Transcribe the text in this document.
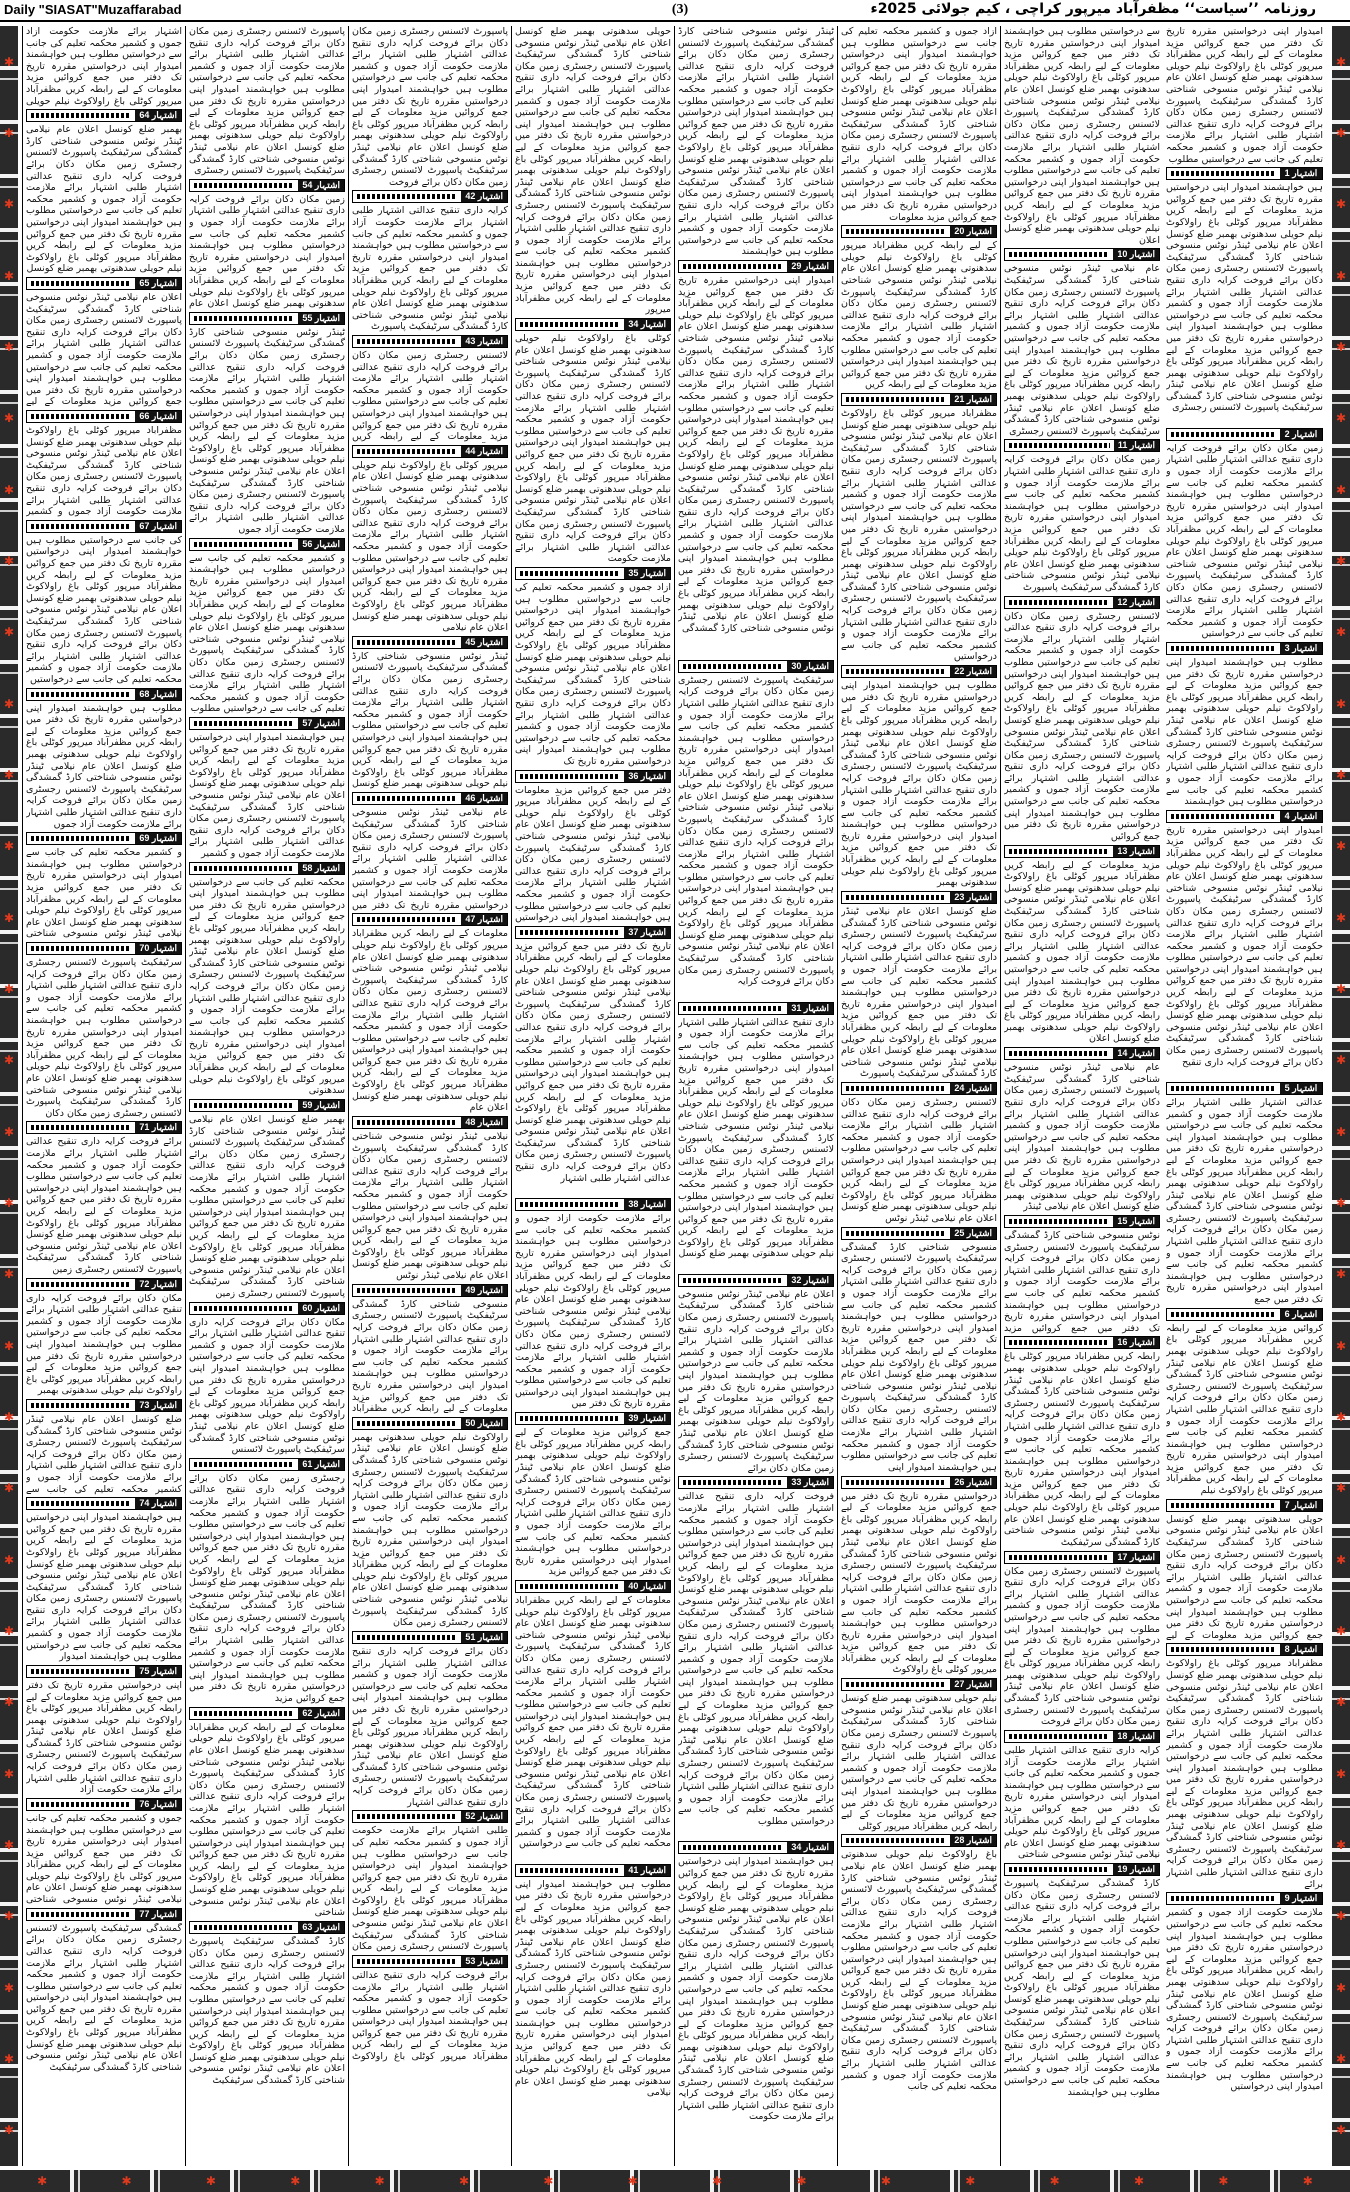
Daily "SIASAT"Muzaffarabad	(3)	روزنامہ ’’سیاست‘‘ مظفرآباد میرپور کراچی ، کیم جولائی 2025ء
✱
✱
✱
✱
✱
✱
✱
✱
✱
✱
✱
✱
✱
✱
✱
✱
✱
✱
✱
✱
✱
✱
✱
✱
✱
✱
✱
✱
✱
✱
✱
✱
✱
✱
✱
✱
✱
✱
✱
✱
✱
✱
✱
✱
✱
✱
✱
✱
✱
✱
✱
✱
✱
✱
✱
✱
✱
✱
✱
✱
اشتہار برائے ملازمت حکومت آزاد جموں و کشمیر محکمہ تعلیم کی جانب سے درخواستیں مطلوب ہیں خواہشمند امیدوار اپنی درخواستیں مقررہ تاریخ تک دفتر میں جمع کروائیں مزید معلومات کے لیے رابطہ کریں مظفرآباد میرپور کوٹلی باغ راولاکوٹ نیلم حویلی
اشتہار 64
بھمبر ضلع کونسل اعلان عام نیلامی ٹینڈر نوٹس منسوخی شناختی کارڈ گمشدگی سرٹیفکیٹ پاسپورٹ لائسنس رجسٹری زمین مکان دکان برائے فروخت کرایہ داری تنقیح عدالتی اشتہار طلبی اشتہار برائے ملازمت حکومت آزاد جموں و کشمیر محکمہ تعلیم کی جانب سے درخواستیں مطلوب ہیں خواہشمند امیدوار اپنی درخواستیں مقررہ تاریخ تک دفتر میں جمع کروائیں مزید معلومات کے لیے رابطہ کریں مظفرآباد میرپور کوٹلی باغ راولاکوٹ نیلم حویلی سدھنوتی بھمبر ضلع کونسل
اشتہار 65
اعلان عام نیلامی ٹینڈر نوٹس منسوخی شناختی کارڈ گمشدگی سرٹیفکیٹ پاسپورٹ لائسنس رجسٹری زمین مکان دکان برائے فروخت کرایہ داری تنقیح عدالتی اشتہار طلبی اشتہار برائے ملازمت حکومت آزاد جموں و کشمیر محکمہ تعلیم کی جانب سے درخواستیں مطلوب ہیں خواہشمند امیدوار اپنی درخواستیں مقررہ تاریخ تک دفتر میں جمع کروائیں مزید معلومات کے لیے
اشتہار 66
مظفرآباد میرپور کوٹلی باغ راولاکوٹ نیلم حویلی سدھنوتی بھمبر ضلع کونسل اعلان عام نیلامی ٹینڈر نوٹس منسوخی شناختی کارڈ گمشدگی سرٹیفکیٹ پاسپورٹ لائسنس رجسٹری زمین مکان دکان برائے فروخت کرایہ داری تنقیح عدالتی اشتہار طلبی اشتہار برائے ملازمت حکومت آزاد جموں و کشمیر
اشتہار 67
کی جانب سے درخواستیں مطلوب ہیں خواہشمند امیدوار اپنی درخواستیں مقررہ تاریخ تک دفتر میں جمع کروائیں مزید معلومات کے لیے رابطہ کریں مظفرآباد میرپور کوٹلی باغ راولاکوٹ نیلم حویلی سدھنوتی بھمبر ضلع کونسل اعلان عام نیلامی ٹینڈر نوٹس منسوخی شناختی کارڈ گمشدگی سرٹیفکیٹ پاسپورٹ لائسنس رجسٹری زمین مکان دکان برائے فروخت کرایہ داری تنقیح عدالتی اشتہار طلبی اشتہار برائے ملازمت حکومت آزاد جموں و کشمیر محکمہ تعلیم کی جانب سے درخواستیں
اشتہار 68
مطلوب ہیں خواہشمند امیدوار اپنی درخواستیں مقررہ تاریخ تک دفتر میں جمع کروائیں مزید معلومات کے لیے رابطہ کریں مظفرآباد میرپور کوٹلی باغ راولاکوٹ نیلم حویلی سدھنوتی بھمبر ضلع کونسل اعلان عام نیلامی ٹینڈر نوٹس منسوخی شناختی کارڈ گمشدگی سرٹیفکیٹ پاسپورٹ لائسنس رجسٹری زمین مکان دکان برائے فروخت کرایہ داری تنقیح عدالتی اشتہار طلبی اشتہار برائے ملازمت حکومت آزاد جموں
اشتہار 69
و کشمیر محکمہ تعلیم کی جانب سے درخواستیں مطلوب ہیں خواہشمند امیدوار اپنی درخواستیں مقررہ تاریخ تک دفتر میں جمع کروائیں مزید معلومات کے لیے رابطہ کریں مظفرآباد میرپور کوٹلی باغ راولاکوٹ نیلم حویلی سدھنوتی بھمبر ضلع کونسل اعلان عام نیلامی ٹینڈر نوٹس منسوخی شناختی
اشتہار 70
سرٹیفکیٹ پاسپورٹ لائسنس رجسٹری زمین مکان دکان برائے فروخت کرایہ داری تنقیح عدالتی اشتہار طلبی اشتہار برائے ملازمت حکومت آزاد جموں و کشمیر محکمہ تعلیم کی جانب سے درخواستیں مطلوب ہیں خواہشمند امیدوار اپنی درخواستیں مقررہ تاریخ تک دفتر میں جمع کروائیں مزید معلومات کے لیے رابطہ کریں مظفرآباد میرپور کوٹلی باغ راولاکوٹ نیلم حویلی سدھنوتی بھمبر ضلع کونسل اعلان عام نیلامی ٹینڈر نوٹس منسوخی شناختی کارڈ گمشدگی سرٹیفکیٹ پاسپورٹ لائسنس رجسٹری زمین مکان دکان
اشتہار 71
برائے فروخت کرایہ داری تنقیح عدالتی اشتہار طلبی اشتہار برائے ملازمت حکومت آزاد جموں و کشمیر محکمہ تعلیم کی جانب سے درخواستیں مطلوب ہیں خواہشمند امیدوار اپنی درخواستیں مقررہ تاریخ تک دفتر میں جمع کروائیں مزید معلومات کے لیے رابطہ کریں مظفرآباد میرپور کوٹلی باغ راولاکوٹ نیلم حویلی سدھنوتی بھمبر ضلع کونسل اعلان عام نیلامی ٹینڈر نوٹس منسوخی شناختی کارڈ گمشدگی سرٹیفکیٹ پاسپورٹ لائسنس رجسٹری زمین
اشتہار 72
مکان دکان برائے فروخت کرایہ داری تنقیح عدالتی اشتہار طلبی اشتہار برائے ملازمت حکومت آزاد جموں و کشمیر محکمہ تعلیم کی جانب سے درخواستیں مطلوب ہیں خواہشمند امیدوار اپنی درخواستیں مقررہ تاریخ تک دفتر میں جمع کروائیں مزید معلومات کے لیے رابطہ کریں مظفرآباد میرپور کوٹلی باغ راولاکوٹ نیلم حویلی سدھنوتی بھمبر
اشتہار 73
ضلع کونسل اعلان عام نیلامی ٹینڈر نوٹس منسوخی شناختی کارڈ گمشدگی سرٹیفکیٹ پاسپورٹ لائسنس رجسٹری زمین مکان دکان برائے فروخت کرایہ داری تنقیح عدالتی اشتہار طلبی اشتہار برائے ملازمت حکومت آزاد جموں و کشمیر محکمہ تعلیم کی جانب سے
اشتہار 74
ہیں خواہشمند امیدوار اپنی درخواستیں مقررہ تاریخ تک دفتر میں جمع کروائیں مزید معلومات کے لیے رابطہ کریں مظفرآباد میرپور کوٹلی باغ راولاکوٹ نیلم حویلی سدھنوتی بھمبر ضلع کونسل اعلان عام نیلامی ٹینڈر نوٹس منسوخی شناختی کارڈ گمشدگی سرٹیفکیٹ پاسپورٹ لائسنس رجسٹری زمین مکان دکان برائے فروخت کرایہ داری تنقیح عدالتی اشتہار طلبی اشتہار برائے ملازمت حکومت آزاد جموں و کشمیر محکمہ تعلیم کی جانب سے درخواستیں مطلوب ہیں خواہشمند امیدوار
اشتہار 75
اپنی درخواستیں مقررہ تاریخ تک دفتر میں جمع کروائیں مزید معلومات کے لیے رابطہ کریں مظفرآباد میرپور کوٹلی باغ راولاکوٹ نیلم حویلی سدھنوتی بھمبر ضلع کونسل اعلان عام نیلامی ٹینڈر نوٹس منسوخی شناختی کارڈ گمشدگی سرٹیفکیٹ پاسپورٹ لائسنس رجسٹری زمین مکان دکان برائے فروخت کرایہ داری تنقیح عدالتی اشتہار طلبی اشتہار برائے ملازمت حکومت آزاد
اشتہار 76
جموں و کشمیر محکمہ تعلیم کی جانب سے درخواستیں مطلوب ہیں خواہشمند امیدوار اپنی درخواستیں مقررہ تاریخ تک دفتر میں جمع کروائیں مزید معلومات کے لیے رابطہ کریں مظفرآباد میرپور کوٹلی باغ راولاکوٹ نیلم حویلی سدھنوتی بھمبر ضلع کونسل اعلان عام نیلامی ٹینڈر نوٹس منسوخی شناختی
اشتہار 77
گمشدگی سرٹیفکیٹ پاسپورٹ لائسنس رجسٹری زمین مکان دکان برائے فروخت کرایہ داری تنقیح عدالتی اشتہار طلبی اشتہار برائے ملازمت حکومت آزاد جموں و کشمیر محکمہ تعلیم کی جانب سے درخواستیں مطلوب ہیں خواہشمند امیدوار اپنی درخواستیں مقررہ تاریخ تک دفتر میں جمع کروائیں مزید معلومات کے لیے رابطہ کریں مظفرآباد میرپور کوٹلی باغ راولاکوٹ نیلم حویلی سدھنوتی بھمبر ضلع کونسل اعلان عام نیلامی ٹینڈر نوٹس منسوخی شناختی کارڈ گمشدگی سرٹیفکیٹ
پاسپورٹ لائسنس رجسٹری زمین مکان دکان برائے فروخت کرایہ داری تنقیح عدالتی اشتہار طلبی اشتہار برائے ملازمت حکومت آزاد جموں و کشمیر محکمہ تعلیم کی جانب سے درخواستیں مطلوب ہیں خواہشمند امیدوار اپنی درخواستیں مقررہ تاریخ تک دفتر میں جمع کروائیں مزید معلومات کے لیے رابطہ کریں مظفرآباد میرپور کوٹلی باغ راولاکوٹ نیلم حویلی سدھنوتی بھمبر ضلع کونسل اعلان عام نیلامی ٹینڈر نوٹس منسوخی شناختی کارڈ گمشدگی سرٹیفکیٹ پاسپورٹ لائسنس رجسٹری
اشتہار 54
زمین مکان دکان برائے فروخت کرایہ داری تنقیح عدالتی اشتہار طلبی اشتہار برائے ملازمت حکومت آزاد جموں و کشمیر محکمہ تعلیم کی جانب سے درخواستیں مطلوب ہیں خواہشمند امیدوار اپنی درخواستیں مقررہ تاریخ تک دفتر میں جمع کروائیں مزید معلومات کے لیے رابطہ کریں مظفرآباد میرپور کوٹلی باغ راولاکوٹ نیلم حویلی سدھنوتی بھمبر ضلع کونسل اعلان عام
اشتہار 55
ٹینڈر نوٹس منسوخی شناختی کارڈ گمشدگی سرٹیفکیٹ پاسپورٹ لائسنس رجسٹری زمین مکان دکان برائے فروخت کرایہ داری تنقیح عدالتی اشتہار طلبی اشتہار برائے ملازمت حکومت آزاد جموں و کشمیر محکمہ تعلیم کی جانب سے درخواستیں مطلوب ہیں خواہشمند امیدوار اپنی درخواستیں مقررہ تاریخ تک دفتر میں جمع کروائیں مزید معلومات کے لیے رابطہ کریں مظفرآباد میرپور کوٹلی باغ راولاکوٹ نیلم حویلی سدھنوتی بھمبر ضلع کونسل اعلان عام نیلامی ٹینڈر نوٹس منسوخی شناختی کارڈ گمشدگی سرٹیفکیٹ پاسپورٹ لائسنس رجسٹری زمین مکان دکان برائے فروخت کرایہ داری تنقیح عدالتی اشتہار طلبی اشتہار برائے ملازمت حکومت آزاد جموں
اشتہار 56
و کشمیر محکمہ تعلیم کی جانب سے درخواستیں مطلوب ہیں خواہشمند امیدوار اپنی درخواستیں مقررہ تاریخ تک دفتر میں جمع کروائیں مزید معلومات کے لیے رابطہ کریں مظفرآباد میرپور کوٹلی باغ راولاکوٹ نیلم حویلی سدھنوتی بھمبر ضلع کونسل اعلان عام نیلامی ٹینڈر نوٹس منسوخی شناختی کارڈ گمشدگی سرٹیفکیٹ پاسپورٹ لائسنس رجسٹری زمین مکان دکان برائے فروخت کرایہ داری تنقیح عدالتی اشتہار طلبی اشتہار برائے ملازمت حکومت آزاد جموں و کشمیر محکمہ تعلیم کی جانب سے درخواستیں مطلوب
اشتہار 57
ہیں خواہشمند امیدوار اپنی درخواستیں مقررہ تاریخ تک دفتر میں جمع کروائیں مزید معلومات کے لیے رابطہ کریں مظفرآباد میرپور کوٹلی باغ راولاکوٹ نیلم حویلی سدھنوتی بھمبر ضلع کونسل اعلان عام نیلامی ٹینڈر نوٹس منسوخی شناختی کارڈ گمشدگی سرٹیفکیٹ پاسپورٹ لائسنس رجسٹری زمین مکان دکان برائے فروخت کرایہ داری تنقیح عدالتی اشتہار طلبی اشتہار برائے ملازمت حکومت آزاد جموں و کشمیر
اشتہار 58
محکمہ تعلیم کی جانب سے درخواستیں مطلوب ہیں خواہشمند امیدوار اپنی درخواستیں مقررہ تاریخ تک دفتر میں جمع کروائیں مزید معلومات کے لیے رابطہ کریں مظفرآباد میرپور کوٹلی باغ راولاکوٹ نیلم حویلی سدھنوتی بھمبر ضلع کونسل اعلان عام نیلامی ٹینڈر نوٹس منسوخی شناختی کارڈ گمشدگی سرٹیفکیٹ پاسپورٹ لائسنس رجسٹری زمین مکان دکان برائے فروخت کرایہ داری تنقیح عدالتی اشتہار طلبی اشتہار برائے ملازمت حکومت آزاد جموں و کشمیر محکمہ تعلیم کی جانب سے درخواستیں مطلوب ہیں خواہشمند امیدوار اپنی درخواستیں مقررہ تاریخ تک دفتر میں جمع کروائیں مزید معلومات کے لیے رابطہ کریں مظفرآباد میرپور کوٹلی باغ راولاکوٹ نیلم حویلی سدھنوتی
اشتہار 59
بھمبر ضلع کونسل اعلان عام نیلامی ٹینڈر نوٹس منسوخی شناختی کارڈ گمشدگی سرٹیفکیٹ پاسپورٹ لائسنس رجسٹری زمین مکان دکان برائے فروخت کرایہ داری تنقیح عدالتی اشتہار طلبی اشتہار برائے ملازمت حکومت آزاد جموں و کشمیر محکمہ تعلیم کی جانب سے درخواستیں مطلوب ہیں خواہشمند امیدوار اپنی درخواستیں مقررہ تاریخ تک دفتر میں جمع کروائیں مزید معلومات کے لیے رابطہ کریں مظفرآباد میرپور کوٹلی باغ راولاکوٹ نیلم حویلی سدھنوتی بھمبر ضلع کونسل اعلان عام نیلامی ٹینڈر نوٹس منسوخی شناختی کارڈ گمشدگی سرٹیفکیٹ پاسپورٹ لائسنس رجسٹری زمین
اشتہار 60
مکان دکان برائے فروخت کرایہ داری تنقیح عدالتی اشتہار طلبی اشتہار برائے ملازمت حکومت آزاد جموں و کشمیر محکمہ تعلیم کی جانب سے درخواستیں مطلوب ہیں خواہشمند امیدوار اپنی درخواستیں مقررہ تاریخ تک دفتر میں جمع کروائیں مزید معلومات کے لیے رابطہ کریں مظفرآباد میرپور کوٹلی باغ راولاکوٹ نیلم حویلی سدھنوتی بھمبر ضلع کونسل اعلان عام نیلامی ٹینڈر نوٹس منسوخی شناختی کارڈ گمشدگی سرٹیفکیٹ پاسپورٹ لائسنس
اشتہار 61
رجسٹری زمین مکان دکان برائے فروخت کرایہ داری تنقیح عدالتی اشتہار طلبی اشتہار برائے ملازمت حکومت آزاد جموں و کشمیر محکمہ تعلیم کی جانب سے درخواستیں مطلوب ہیں خواہشمند امیدوار اپنی درخواستیں مقررہ تاریخ تک دفتر میں جمع کروائیں مزید معلومات کے لیے رابطہ کریں مظفرآباد میرپور کوٹلی باغ راولاکوٹ نیلم حویلی سدھنوتی بھمبر ضلع کونسل اعلان عام نیلامی ٹینڈر نوٹس منسوخی شناختی کارڈ گمشدگی سرٹیفکیٹ پاسپورٹ لائسنس رجسٹری زمین مکان دکان برائے فروخت کرایہ داری تنقیح عدالتی اشتہار طلبی اشتہار برائے ملازمت حکومت آزاد جموں و کشمیر محکمہ تعلیم کی جانب سے درخواستیں مطلوب ہیں خواہشمند امیدوار اپنی درخواستیں مقررہ تاریخ تک دفتر میں جمع کروائیں مزید
اشتہار 62
معلومات کے لیے رابطہ کریں مظفرآباد میرپور کوٹلی باغ راولاکوٹ نیلم حویلی سدھنوتی بھمبر ضلع کونسل اعلان عام نیلامی ٹینڈر نوٹس منسوخی شناختی کارڈ گمشدگی سرٹیفکیٹ پاسپورٹ لائسنس رجسٹری زمین مکان دکان برائے فروخت کرایہ داری تنقیح عدالتی اشتہار طلبی اشتہار برائے ملازمت حکومت آزاد جموں و کشمیر محکمہ تعلیم کی جانب سے درخواستیں مطلوب ہیں خواہشمند امیدوار اپنی درخواستیں مقررہ تاریخ تک دفتر میں جمع کروائیں مزید معلومات کے لیے رابطہ کریں مظفرآباد میرپور کوٹلی باغ راولاکوٹ نیلم حویلی سدھنوتی بھمبر ضلع کونسل اعلان عام نیلامی ٹینڈر نوٹس منسوخی شناختی
اشتہار 63
کارڈ گمشدگی سرٹیفکیٹ پاسپورٹ لائسنس رجسٹری زمین مکان دکان برائے فروخت کرایہ داری تنقیح عدالتی اشتہار طلبی اشتہار برائے ملازمت حکومت آزاد جموں و کشمیر محکمہ تعلیم کی جانب سے درخواستیں مطلوب ہیں خواہشمند امیدوار اپنی درخواستیں مقررہ تاریخ تک دفتر میں جمع کروائیں مزید معلومات کے لیے رابطہ کریں مظفرآباد میرپور کوٹلی باغ راولاکوٹ نیلم حویلی سدھنوتی بھمبر ضلع کونسل اعلان عام نیلامی ٹینڈر نوٹس منسوخی شناختی کارڈ گمشدگی سرٹیفکیٹ
پاسپورٹ لائسنس رجسٹری زمین مکان دکان برائے فروخت کرایہ داری تنقیح عدالتی اشتہار طلبی اشتہار برائے ملازمت حکومت آزاد جموں و کشمیر محکمہ تعلیم کی جانب سے درخواستیں مطلوب ہیں خواہشمند امیدوار اپنی درخواستیں مقررہ تاریخ تک دفتر میں جمع کروائیں مزید معلومات کے لیے رابطہ کریں مظفرآباد میرپور کوٹلی باغ راولاکوٹ نیلم حویلی سدھنوتی بھمبر ضلع کونسل اعلان عام نیلامی ٹینڈر نوٹس منسوخی شناختی کارڈ گمشدگی سرٹیفکیٹ پاسپورٹ لائسنس رجسٹری زمین مکان دکان برائے فروخت
اشتہار 42
کرایہ داری تنقیح عدالتی اشتہار طلبی اشتہار برائے ملازمت حکومت آزاد جموں و کشمیر محکمہ تعلیم کی جانب سے درخواستیں مطلوب ہیں خواہشمند امیدوار اپنی درخواستیں مقررہ تاریخ تک دفتر میں جمع کروائیں مزید معلومات کے لیے رابطہ کریں مظفرآباد میرپور کوٹلی باغ راولاکوٹ نیلم حویلی سدھنوتی بھمبر ضلع کونسل اعلان عام نیلامی ٹینڈر نوٹس منسوخی شناختی کارڈ گمشدگی سرٹیفکیٹ پاسپورٹ
اشتہار 43
لائسنس رجسٹری زمین مکان دکان برائے فروخت کرایہ داری تنقیح عدالتی اشتہار طلبی اشتہار برائے ملازمت حکومت آزاد جموں و کشمیر محکمہ تعلیم کی جانب سے درخواستیں مطلوب ہیں خواہشمند امیدوار اپنی درخواستیں مقررہ تاریخ تک دفتر میں جمع کروائیں مزید معلومات کے لیے رابطہ کریں
اشتہار 44
میرپور کوٹلی باغ راولاکوٹ نیلم حویلی سدھنوتی بھمبر ضلع کونسل اعلان عام نیلامی ٹینڈر نوٹس منسوخی شناختی کارڈ گمشدگی سرٹیفکیٹ پاسپورٹ لائسنس رجسٹری زمین مکان دکان برائے فروخت کرایہ داری تنقیح عدالتی اشتہار طلبی اشتہار برائے ملازمت حکومت آزاد جموں و کشمیر محکمہ تعلیم کی جانب سے درخواستیں مطلوب ہیں خواہشمند امیدوار اپنی درخواستیں مقررہ تاریخ تک دفتر میں جمع کروائیں مزید معلومات کے لیے رابطہ کریں مظفرآباد میرپور کوٹلی باغ راولاکوٹ نیلم حویلی سدھنوتی بھمبر ضلع کونسل اعلان عام نیلامی
اشتہار 45
ٹینڈر نوٹس منسوخی شناختی کارڈ گمشدگی سرٹیفکیٹ پاسپورٹ لائسنس رجسٹری زمین مکان دکان برائے فروخت کرایہ داری تنقیح عدالتی اشتہار طلبی اشتہار برائے ملازمت حکومت آزاد جموں و کشمیر محکمہ تعلیم کی جانب سے درخواستیں مطلوب ہیں خواہشمند امیدوار اپنی درخواستیں مقررہ تاریخ تک دفتر میں جمع کروائیں مزید معلومات کے لیے رابطہ کریں مظفرآباد میرپور کوٹلی باغ راولاکوٹ نیلم حویلی سدھنوتی بھمبر ضلع کونسل
اشتہار 46
عام نیلامی ٹینڈر نوٹس منسوخی شناختی کارڈ گمشدگی سرٹیفکیٹ پاسپورٹ لائسنس رجسٹری زمین مکان دکان برائے فروخت کرایہ داری تنقیح عدالتی اشتہار طلبی اشتہار برائے ملازمت حکومت آزاد جموں و کشمیر محکمہ تعلیم کی جانب سے درخواستیں مطلوب ہیں خواہشمند امیدوار اپنی درخواستیں مقررہ تاریخ تک دفتر میں
اشتہار 47
معلومات کے لیے رابطہ کریں مظفرآباد میرپور کوٹلی باغ راولاکوٹ نیلم حویلی سدھنوتی بھمبر ضلع کونسل اعلان عام نیلامی ٹینڈر نوٹس منسوخی شناختی کارڈ گمشدگی سرٹیفکیٹ پاسپورٹ لائسنس رجسٹری زمین مکان دکان برائے فروخت کرایہ داری تنقیح عدالتی اشتہار طلبی اشتہار برائے ملازمت حکومت آزاد جموں و کشمیر محکمہ تعلیم کی جانب سے درخواستیں مطلوب ہیں خواہشمند امیدوار اپنی درخواستیں مقررہ تاریخ تک دفتر میں جمع کروائیں مزید معلومات کے لیے رابطہ کریں مظفرآباد میرپور کوٹلی باغ راولاکوٹ نیلم حویلی سدھنوتی بھمبر ضلع کونسل اعلان عام
اشتہار 48
نیلامی ٹینڈر نوٹس منسوخی شناختی کارڈ گمشدگی سرٹیفکیٹ پاسپورٹ لائسنس رجسٹری زمین مکان دکان برائے فروخت کرایہ داری تنقیح عدالتی اشتہار طلبی اشتہار برائے ملازمت حکومت آزاد جموں و کشمیر محکمہ تعلیم کی جانب سے درخواستیں مطلوب ہیں خواہشمند امیدوار اپنی درخواستیں مقررہ تاریخ تک دفتر میں جمع کروائیں مزید معلومات کے لیے رابطہ کریں مظفرآباد میرپور کوٹلی باغ راولاکوٹ نیلم حویلی سدھنوتی بھمبر ضلع کونسل اعلان عام نیلامی ٹینڈر نوٹس
اشتہار 49
منسوخی شناختی کارڈ گمشدگی سرٹیفکیٹ پاسپورٹ لائسنس رجسٹری زمین مکان دکان برائے فروخت کرایہ داری تنقیح عدالتی اشتہار طلبی اشتہار برائے ملازمت حکومت آزاد جموں و کشمیر محکمہ تعلیم کی جانب سے درخواستیں مطلوب ہیں خواہشمند امیدوار اپنی درخواستیں مقررہ تاریخ تک دفتر میں جمع کروائیں مزید معلومات کے لیے رابطہ کریں مظفرآباد
اشتہار 50
راولاکوٹ نیلم حویلی سدھنوتی بھمبر ضلع کونسل اعلان عام نیلامی ٹینڈر نوٹس منسوخی شناختی کارڈ گمشدگی سرٹیفکیٹ پاسپورٹ لائسنس رجسٹری زمین مکان دکان برائے فروخت کرایہ داری تنقیح عدالتی اشتہار طلبی اشتہار برائے ملازمت حکومت آزاد جموں و کشمیر محکمہ تعلیم کی جانب سے درخواستیں مطلوب ہیں خواہشمند امیدوار اپنی درخواستیں مقررہ تاریخ تک دفتر میں جمع کروائیں مزید معلومات کے لیے رابطہ کریں مظفرآباد میرپور کوٹلی باغ راولاکوٹ نیلم حویلی سدھنوتی بھمبر ضلع کونسل اعلان عام نیلامی ٹینڈر نوٹس منسوخی شناختی کارڈ گمشدگی سرٹیفکیٹ پاسپورٹ لائسنس رجسٹری زمین مکان
اشتہار 51
دکان برائے فروخت کرایہ داری تنقیح عدالتی اشتہار طلبی اشتہار برائے ملازمت حکومت آزاد جموں و کشمیر محکمہ تعلیم کی جانب سے درخواستیں مطلوب ہیں خواہشمند امیدوار اپنی درخواستیں مقررہ تاریخ تک دفتر میں جمع کروائیں مزید معلومات کے لیے رابطہ کریں مظفرآباد میرپور کوٹلی باغ راولاکوٹ نیلم حویلی سدھنوتی بھمبر ضلع کونسل اعلان عام نیلامی ٹینڈر نوٹس منسوخی شناختی کارڈ گمشدگی سرٹیفکیٹ پاسپورٹ لائسنس رجسٹری زمین مکان دکان برائے فروخت کرایہ داری تنقیح عدالتی اشتہار
اشتہار 52
طلبی اشتہار برائے ملازمت حکومت آزاد جموں و کشمیر محکمہ تعلیم کی جانب سے درخواستیں مطلوب ہیں خواہشمند امیدوار اپنی درخواستیں مقررہ تاریخ تک دفتر میں جمع کروائیں مزید معلومات کے لیے رابطہ کریں مظفرآباد میرپور کوٹلی باغ راولاکوٹ نیلم حویلی سدھنوتی بھمبر ضلع کونسل اعلان عام نیلامی ٹینڈر نوٹس منسوخی شناختی کارڈ گمشدگی سرٹیفکیٹ پاسپورٹ لائسنس رجسٹری زمین مکان
اشتہار 53
برائے فروخت کرایہ داری تنقیح عدالتی اشتہار طلبی اشتہار برائے ملازمت حکومت آزاد جموں و کشمیر محکمہ تعلیم کی جانب سے درخواستیں مطلوب ہیں خواہشمند امیدوار اپنی درخواستیں مقررہ تاریخ تک دفتر میں جمع کروائیں مزید معلومات کے لیے رابطہ کریں مظفرآباد میرپور کوٹلی باغ راولاکوٹ
حویلی سدھنوتی بھمبر ضلع کونسل اعلان عام نیلامی ٹینڈر نوٹس منسوخی شناختی کارڈ گمشدگی سرٹیفکیٹ پاسپورٹ لائسنس رجسٹری زمین مکان دکان برائے فروخت کرایہ داری تنقیح عدالتی اشتہار طلبی اشتہار برائے ملازمت حکومت آزاد جموں و کشمیر محکمہ تعلیم کی جانب سے درخواستیں مطلوب ہیں خواہشمند امیدوار اپنی درخواستیں مقررہ تاریخ تک دفتر میں جمع کروائیں مزید معلومات کے لیے رابطہ کریں مظفرآباد میرپور کوٹلی باغ راولاکوٹ نیلم حویلی سدھنوتی بھمبر ضلع کونسل اعلان عام نیلامی ٹینڈر نوٹس منسوخی شناختی کارڈ گمشدگی سرٹیفکیٹ پاسپورٹ لائسنس رجسٹری زمین مکان دکان برائے فروخت کرایہ داری تنقیح عدالتی اشتہار طلبی اشتہار برائے ملازمت حکومت آزاد جموں و کشمیر محکمہ تعلیم کی جانب سے درخواستیں مطلوب ہیں خواہشمند امیدوار اپنی درخواستیں مقررہ تاریخ تک دفتر میں جمع کروائیں مزید معلومات کے لیے رابطہ کریں مظفرآباد میرپور
اشتہار 34
کوٹلی باغ راولاکوٹ نیلم حویلی سدھنوتی بھمبر ضلع کونسل اعلان عام نیلامی ٹینڈر نوٹس منسوخی شناختی کارڈ گمشدگی سرٹیفکیٹ پاسپورٹ لائسنس رجسٹری زمین مکان دکان برائے فروخت کرایہ داری تنقیح عدالتی اشتہار طلبی اشتہار برائے ملازمت حکومت آزاد جموں و کشمیر محکمہ تعلیم کی جانب سے درخواستیں مطلوب ہیں خواہشمند امیدوار اپنی درخواستیں مقررہ تاریخ تک دفتر میں جمع کروائیں مزید معلومات کے لیے رابطہ کریں مظفرآباد میرپور کوٹلی باغ راولاکوٹ نیلم حویلی سدھنوتی بھمبر ضلع کونسل اعلان عام نیلامی ٹینڈر نوٹس منسوخی شناختی کارڈ گمشدگی سرٹیفکیٹ پاسپورٹ لائسنس رجسٹری زمین مکان دکان برائے فروخت کرایہ داری تنقیح عدالتی اشتہار طلبی اشتہار برائے ملازمت حکومت
اشتہار 35
آزاد جموں و کشمیر محکمہ تعلیم کی جانب سے درخواستیں مطلوب ہیں خواہشمند امیدوار اپنی درخواستیں مقررہ تاریخ تک دفتر میں جمع کروائیں مزید معلومات کے لیے رابطہ کریں مظفرآباد میرپور کوٹلی باغ راولاکوٹ نیلم حویلی سدھنوتی بھمبر ضلع کونسل اعلان عام نیلامی ٹینڈر نوٹس منسوخی شناختی کارڈ گمشدگی سرٹیفکیٹ پاسپورٹ لائسنس رجسٹری زمین مکان دکان برائے فروخت کرایہ داری تنقیح عدالتی اشتہار طلبی اشتہار برائے ملازمت حکومت آزاد جموں و کشمیر محکمہ تعلیم کی جانب سے درخواستیں مطلوب ہیں خواہشمند امیدوار اپنی درخواستیں مقررہ تاریخ تک
اشتہار 36
دفتر میں جمع کروائیں مزید معلومات کے لیے رابطہ کریں مظفرآباد میرپور کوٹلی باغ راولاکوٹ نیلم حویلی سدھنوتی بھمبر ضلع کونسل اعلان عام نیلامی ٹینڈر نوٹس منسوخی شناختی کارڈ گمشدگی سرٹیفکیٹ پاسپورٹ لائسنس رجسٹری زمین مکان دکان برائے فروخت کرایہ داری تنقیح عدالتی اشتہار طلبی اشتہار برائے ملازمت حکومت آزاد جموں و کشمیر محکمہ تعلیم کی جانب سے درخواستیں مطلوب ہیں خواہشمند امیدوار اپنی درخواستیں
اشتہار 37
تاریخ تک دفتر میں جمع کروائیں مزید معلومات کے لیے رابطہ کریں مظفرآباد میرپور کوٹلی باغ راولاکوٹ نیلم حویلی سدھنوتی بھمبر ضلع کونسل اعلان عام نیلامی ٹینڈر نوٹس منسوخی شناختی کارڈ گمشدگی سرٹیفکیٹ پاسپورٹ لائسنس رجسٹری زمین مکان دکان برائے فروخت کرایہ داری تنقیح عدالتی اشتہار طلبی اشتہار برائے ملازمت حکومت آزاد جموں و کشمیر محکمہ تعلیم کی جانب سے درخواستیں مطلوب ہیں خواہشمند امیدوار اپنی درخواستیں مقررہ تاریخ تک دفتر میں جمع کروائیں مزید معلومات کے لیے رابطہ کریں مظفرآباد میرپور کوٹلی باغ راولاکوٹ نیلم حویلی سدھنوتی بھمبر ضلع کونسل اعلان عام نیلامی ٹینڈر نوٹس منسوخی شناختی کارڈ گمشدگی سرٹیفکیٹ پاسپورٹ لائسنس رجسٹری زمین مکان دکان برائے فروخت کرایہ داری تنقیح عدالتی اشتہار طلبی اشتہار
اشتہار 38
برائے ملازمت حکومت آزاد جموں و کشمیر محکمہ تعلیم کی جانب سے درخواستیں مطلوب ہیں خواہشمند امیدوار اپنی درخواستیں مقررہ تاریخ تک دفتر میں جمع کروائیں مزید معلومات کے لیے رابطہ کریں مظفرآباد میرپور کوٹلی باغ راولاکوٹ نیلم حویلی سدھنوتی بھمبر ضلع کونسل اعلان عام نیلامی ٹینڈر نوٹس منسوخی شناختی کارڈ گمشدگی سرٹیفکیٹ پاسپورٹ لائسنس رجسٹری زمین مکان دکان برائے فروخت کرایہ داری تنقیح عدالتی اشتہار طلبی اشتہار برائے ملازمت حکومت آزاد جموں و کشمیر محکمہ تعلیم کی جانب سے درخواستیں مطلوب ہیں خواہشمند امیدوار اپنی درخواستیں مقررہ تاریخ تک دفتر میں
اشتہار 39
جمع کروائیں مزید معلومات کے لیے رابطہ کریں مظفرآباد میرپور کوٹلی باغ راولاکوٹ نیلم حویلی سدھنوتی بھمبر ضلع کونسل اعلان عام نیلامی ٹینڈر نوٹس منسوخی شناختی کارڈ گمشدگی سرٹیفکیٹ پاسپورٹ لائسنس رجسٹری زمین مکان دکان برائے فروخت کرایہ داری تنقیح عدالتی اشتہار طلبی اشتہار برائے ملازمت حکومت آزاد جموں و کشمیر محکمہ تعلیم کی جانب سے درخواستیں مطلوب ہیں خواہشمند امیدوار اپنی درخواستیں مقررہ تاریخ تک دفتر میں جمع کروائیں مزید
اشتہار 40
معلومات کے لیے رابطہ کریں مظفرآباد میرپور کوٹلی باغ راولاکوٹ نیلم حویلی سدھنوتی بھمبر ضلع کونسل اعلان عام نیلامی ٹینڈر نوٹس منسوخی شناختی کارڈ گمشدگی سرٹیفکیٹ پاسپورٹ لائسنس رجسٹری زمین مکان دکان برائے فروخت کرایہ داری تنقیح عدالتی اشتہار طلبی اشتہار برائے ملازمت حکومت آزاد جموں و کشمیر محکمہ تعلیم کی جانب سے درخواستیں مطلوب ہیں خواہشمند امیدوار اپنی درخواستیں مقررہ تاریخ تک دفتر میں جمع کروائیں مزید معلومات کے لیے رابطہ کریں مظفرآباد میرپور کوٹلی باغ راولاکوٹ نیلم حویلی سدھنوتی بھمبر ضلع کونسل اعلان عام نیلامی ٹینڈر نوٹس منسوخی شناختی کارڈ گمشدگی سرٹیفکیٹ پاسپورٹ لائسنس رجسٹری زمین مکان دکان برائے فروخت کرایہ داری تنقیح عدالتی اشتہار طلبی اشتہار برائے ملازمت حکومت آزاد جموں و کشمیر محکمہ تعلیم کی جانب سے درخواستیں
اشتہار 41
مطلوب ہیں خواہشمند امیدوار اپنی درخواستیں مقررہ تاریخ تک دفتر میں جمع کروائیں مزید معلومات کے لیے رابطہ کریں مظفرآباد میرپور کوٹلی باغ راولاکوٹ نیلم حویلی سدھنوتی بھمبر ضلع کونسل اعلان عام نیلامی ٹینڈر نوٹس منسوخی شناختی کارڈ گمشدگی سرٹیفکیٹ پاسپورٹ لائسنس رجسٹری زمین مکان دکان برائے فروخت کرایہ داری تنقیح عدالتی اشتہار طلبی اشتہار برائے ملازمت حکومت آزاد جموں و کشمیر محکمہ تعلیم کی جانب سے درخواستیں مطلوب ہیں خواہشمند امیدوار اپنی درخواستیں مقررہ تاریخ تک دفتر میں جمع کروائیں مزید معلومات کے لیے رابطہ کریں مظفرآباد میرپور کوٹلی باغ راولاکوٹ نیلم حویلی سدھنوتی بھمبر ضلع کونسل اعلان عام نیلامی
ٹینڈر نوٹس منسوخی شناختی کارڈ گمشدگی سرٹیفکیٹ پاسپورٹ لائسنس رجسٹری زمین مکان دکان برائے فروخت کرایہ داری تنقیح عدالتی اشتہار طلبی اشتہار برائے ملازمت حکومت آزاد جموں و کشمیر محکمہ تعلیم کی جانب سے درخواستیں مطلوب ہیں خواہشمند امیدوار اپنی درخواستیں مقررہ تاریخ تک دفتر میں جمع کروائیں مزید معلومات کے لیے رابطہ کریں مظفرآباد میرپور کوٹلی باغ راولاکوٹ نیلم حویلی سدھنوتی بھمبر ضلع کونسل اعلان عام نیلامی ٹینڈر نوٹس منسوخی شناختی کارڈ گمشدگی سرٹیفکیٹ پاسپورٹ لائسنس رجسٹری زمین مکان دکان برائے فروخت کرایہ داری تنقیح عدالتی اشتہار طلبی اشتہار برائے ملازمت حکومت آزاد جموں و کشمیر محکمہ تعلیم کی جانب سے درخواستیں مطلوب ہیں خواہشمند
اشتہار 29
امیدوار اپنی درخواستیں مقررہ تاریخ تک دفتر میں جمع کروائیں مزید معلومات کے لیے رابطہ کریں مظفرآباد میرپور کوٹلی باغ راولاکوٹ نیلم حویلی سدھنوتی بھمبر ضلع کونسل اعلان عام نیلامی ٹینڈر نوٹس منسوخی شناختی کارڈ گمشدگی سرٹیفکیٹ پاسپورٹ لائسنس رجسٹری زمین مکان دکان برائے فروخت کرایہ داری تنقیح عدالتی اشتہار طلبی اشتہار برائے ملازمت حکومت آزاد جموں و کشمیر محکمہ تعلیم کی جانب سے درخواستیں مطلوب ہیں خواہشمند امیدوار اپنی درخواستیں مقررہ تاریخ تک دفتر میں جمع کروائیں مزید معلومات کے لیے رابطہ کریں مظفرآباد میرپور کوٹلی باغ راولاکوٹ نیلم حویلی سدھنوتی بھمبر ضلع کونسل اعلان عام نیلامی ٹینڈر نوٹس منسوخی شناختی کارڈ گمشدگی سرٹیفکیٹ پاسپورٹ لائسنس رجسٹری زمین مکان دکان برائے فروخت کرایہ داری تنقیح عدالتی اشتہار طلبی اشتہار برائے ملازمت حکومت آزاد جموں و کشمیر محکمہ تعلیم کی جانب سے درخواستیں مطلوب ہیں خواہشمند امیدوار اپنی درخواستیں مقررہ تاریخ تک دفتر میں جمع کروائیں مزید معلومات کے لیے رابطہ کریں مظفرآباد میرپور کوٹلی باغ راولاکوٹ نیلم حویلی سدھنوتی بھمبر ضلع کونسل اعلان عام نیلامی ٹینڈر نوٹس منسوخی شناختی کارڈ گمشدگی
اشتہار 30
سرٹیفکیٹ پاسپورٹ لائسنس رجسٹری زمین مکان دکان برائے فروخت کرایہ داری تنقیح عدالتی اشتہار طلبی اشتہار برائے ملازمت حکومت آزاد جموں و کشمیر محکمہ تعلیم کی جانب سے درخواستیں مطلوب ہیں خواہشمند امیدوار اپنی درخواستیں مقررہ تاریخ تک دفتر میں جمع کروائیں مزید معلومات کے لیے رابطہ کریں مظفرآباد میرپور کوٹلی باغ راولاکوٹ نیلم حویلی سدھنوتی بھمبر ضلع کونسل اعلان عام نیلامی ٹینڈر نوٹس منسوخی شناختی کارڈ گمشدگی سرٹیفکیٹ پاسپورٹ لائسنس رجسٹری زمین مکان دکان برائے فروخت کرایہ داری تنقیح عدالتی اشتہار طلبی اشتہار برائے ملازمت حکومت آزاد جموں و کشمیر محکمہ تعلیم کی جانب سے درخواستیں مطلوب ہیں خواہشمند امیدوار اپنی درخواستیں مقررہ تاریخ تک دفتر میں جمع کروائیں مزید معلومات کے لیے رابطہ کریں مظفرآباد میرپور کوٹلی باغ راولاکوٹ نیلم حویلی سدھنوتی بھمبر ضلع کونسل اعلان عام نیلامی ٹینڈر نوٹس منسوخی شناختی کارڈ گمشدگی سرٹیفکیٹ پاسپورٹ لائسنس رجسٹری زمین مکان دکان برائے فروخت کرایہ
اشتہار 31
داری تنقیح عدالتی اشتہار طلبی اشتہار برائے ملازمت حکومت آزاد جموں و کشمیر محکمہ تعلیم کی جانب سے درخواستیں مطلوب ہیں خواہشمند امیدوار اپنی درخواستیں مقررہ تاریخ تک دفتر میں جمع کروائیں مزید معلومات کے لیے رابطہ کریں مظفرآباد میرپور کوٹلی باغ راولاکوٹ نیلم حویلی سدھنوتی بھمبر ضلع کونسل اعلان عام نیلامی ٹینڈر نوٹس منسوخی شناختی کارڈ گمشدگی سرٹیفکیٹ پاسپورٹ لائسنس رجسٹری زمین مکان دکان برائے فروخت کرایہ داری تنقیح عدالتی اشتہار طلبی اشتہار برائے ملازمت حکومت آزاد جموں و کشمیر محکمہ تعلیم کی جانب سے درخواستیں مطلوب ہیں خواہشمند امیدوار اپنی درخواستیں مقررہ تاریخ تک دفتر میں جمع کروائیں مزید معلومات کے لیے رابطہ کریں مظفرآباد میرپور کوٹلی باغ راولاکوٹ نیلم حویلی سدھنوتی بھمبر ضلع کونسل
اشتہار 32
اعلان عام نیلامی ٹینڈر نوٹس منسوخی شناختی کارڈ گمشدگی سرٹیفکیٹ پاسپورٹ لائسنس رجسٹری زمین مکان دکان برائے فروخت کرایہ داری تنقیح عدالتی اشتہار طلبی اشتہار برائے ملازمت حکومت آزاد جموں و کشمیر محکمہ تعلیم کی جانب سے درخواستیں مطلوب ہیں خواہشمند امیدوار اپنی درخواستیں مقررہ تاریخ تک دفتر میں جمع کروائیں مزید معلومات کے لیے رابطہ کریں مظفرآباد میرپور کوٹلی باغ راولاکوٹ نیلم حویلی سدھنوتی بھمبر ضلع کونسل اعلان عام نیلامی ٹینڈر نوٹس منسوخی شناختی کارڈ گمشدگی سرٹیفکیٹ پاسپورٹ لائسنس رجسٹری زمین مکان دکان برائے
اشتہار 33
فروخت کرایہ داری تنقیح عدالتی اشتہار طلبی اشتہار برائے ملازمت حکومت آزاد جموں و کشمیر محکمہ تعلیم کی جانب سے درخواستیں مطلوب ہیں خواہشمند امیدوار اپنی درخواستیں مقررہ تاریخ تک دفتر میں جمع کروائیں مزید معلومات کے لیے رابطہ کریں مظفرآباد میرپور کوٹلی باغ راولاکوٹ نیلم حویلی سدھنوتی بھمبر ضلع کونسل اعلان عام نیلامی ٹینڈر نوٹس منسوخی شناختی کارڈ گمشدگی سرٹیفکیٹ پاسپورٹ لائسنس رجسٹری زمین مکان دکان برائے فروخت کرایہ داری تنقیح عدالتی اشتہار طلبی اشتہار برائے ملازمت حکومت آزاد جموں و کشمیر محکمہ تعلیم کی جانب سے درخواستیں مطلوب ہیں خواہشمند امیدوار اپنی درخواستیں مقررہ تاریخ تک دفتر میں جمع کروائیں مزید معلومات کے لیے رابطہ کریں مظفرآباد میرپور کوٹلی باغ راولاکوٹ نیلم حویلی سدھنوتی بھمبر ضلع کونسل اعلان عام نیلامی ٹینڈر نوٹس منسوخی شناختی کارڈ گمشدگی سرٹیفکیٹ پاسپورٹ لائسنس رجسٹری زمین مکان دکان برائے فروخت کرایہ داری تنقیح عدالتی اشتہار طلبی اشتہار برائے ملازمت حکومت آزاد جموں و کشمیر محکمہ تعلیم کی جانب سے درخواستیں مطلوب
اشتہار 34
ہیں خواہشمند امیدوار اپنی درخواستیں مقررہ تاریخ تک دفتر میں جمع کروائیں مزید معلومات کے لیے رابطہ کریں مظفرآباد میرپور کوٹلی باغ راولاکوٹ نیلم حویلی سدھنوتی بھمبر ضلع کونسل اعلان عام نیلامی ٹینڈر نوٹس منسوخی شناختی کارڈ گمشدگی سرٹیفکیٹ پاسپورٹ لائسنس رجسٹری زمین مکان دکان برائے فروخت کرایہ داری تنقیح عدالتی اشتہار طلبی اشتہار برائے ملازمت حکومت آزاد جموں و کشمیر محکمہ تعلیم کی جانب سے درخواستیں مطلوب ہیں خواہشمند امیدوار اپنی درخواستیں مقررہ تاریخ تک دفتر میں جمع کروائیں مزید معلومات کے لیے رابطہ کریں مظفرآباد میرپور کوٹلی باغ راولاکوٹ نیلم حویلی سدھنوتی بھمبر ضلع کونسل اعلان عام نیلامی ٹینڈر نوٹس منسوخی شناختی کارڈ گمشدگی سرٹیفکیٹ پاسپورٹ لائسنس رجسٹری زمین مکان دکان برائے فروخت کرایہ داری تنقیح عدالتی اشتہار طلبی اشتہار برائے ملازمت حکومت
آزاد جموں و کشمیر محکمہ تعلیم کی جانب سے درخواستیں مطلوب ہیں خواہشمند امیدوار اپنی درخواستیں مقررہ تاریخ تک دفتر میں جمع کروائیں مزید معلومات کے لیے رابطہ کریں مظفرآباد میرپور کوٹلی باغ راولاکوٹ نیلم حویلی سدھنوتی بھمبر ضلع کونسل اعلان عام نیلامی ٹینڈر نوٹس منسوخی شناختی کارڈ گمشدگی سرٹیفکیٹ پاسپورٹ لائسنس رجسٹری زمین مکان دکان برائے فروخت کرایہ داری تنقیح عدالتی اشتہار طلبی اشتہار برائے ملازمت حکومت آزاد جموں و کشمیر محکمہ تعلیم کی جانب سے درخواستیں مطلوب ہیں خواہشمند امیدوار اپنی درخواستیں مقررہ تاریخ تک دفتر میں جمع کروائیں مزید معلومات
اشتہار 20
کے لیے رابطہ کریں مظفرآباد میرپور کوٹلی باغ راولاکوٹ نیلم حویلی سدھنوتی بھمبر ضلع کونسل اعلان عام نیلامی ٹینڈر نوٹس منسوخی شناختی کارڈ گمشدگی سرٹیفکیٹ پاسپورٹ لائسنس رجسٹری زمین مکان دکان برائے فروخت کرایہ داری تنقیح عدالتی اشتہار طلبی اشتہار برائے ملازمت حکومت آزاد جموں و کشمیر محکمہ تعلیم کی جانب سے درخواستیں مطلوب ہیں خواہشمند امیدوار اپنی درخواستیں مقررہ تاریخ تک دفتر میں جمع کروائیں مزید معلومات کے لیے رابطہ کریں
اشتہار 21
مظفرآباد میرپور کوٹلی باغ راولاکوٹ نیلم حویلی سدھنوتی بھمبر ضلع کونسل اعلان عام نیلامی ٹینڈر نوٹس منسوخی شناختی کارڈ گمشدگی سرٹیفکیٹ پاسپورٹ لائسنس رجسٹری زمین مکان دکان برائے فروخت کرایہ داری تنقیح عدالتی اشتہار طلبی اشتہار برائے ملازمت حکومت آزاد جموں و کشمیر محکمہ تعلیم کی جانب سے درخواستیں مطلوب ہیں خواہشمند امیدوار اپنی درخواستیں مقررہ تاریخ تک دفتر میں جمع کروائیں مزید معلومات کے لیے رابطہ کریں مظفرآباد میرپور کوٹلی باغ راولاکوٹ نیلم حویلی سدھنوتی بھمبر ضلع کونسل اعلان عام نیلامی ٹینڈر نوٹس منسوخی شناختی کارڈ گمشدگی سرٹیفکیٹ پاسپورٹ لائسنس رجسٹری زمین مکان دکان برائے فروخت کرایہ داری تنقیح عدالتی اشتہار طلبی اشتہار برائے ملازمت حکومت آزاد جموں و کشمیر محکمہ تعلیم کی جانب سے درخواستیں
اشتہار 22
مطلوب ہیں خواہشمند امیدوار اپنی درخواستیں مقررہ تاریخ تک دفتر میں جمع کروائیں مزید معلومات کے لیے رابطہ کریں مظفرآباد میرپور کوٹلی باغ راولاکوٹ نیلم حویلی سدھنوتی بھمبر ضلع کونسل اعلان عام نیلامی ٹینڈر نوٹس منسوخی شناختی کارڈ گمشدگی سرٹیفکیٹ پاسپورٹ لائسنس رجسٹری زمین مکان دکان برائے فروخت کرایہ داری تنقیح عدالتی اشتہار طلبی اشتہار برائے ملازمت حکومت آزاد جموں و کشمیر محکمہ تعلیم کی جانب سے درخواستیں مطلوب ہیں خواہشمند امیدوار اپنی درخواستیں مقررہ تاریخ تک دفتر میں جمع کروائیں مزید معلومات کے لیے رابطہ کریں مظفرآباد میرپور کوٹلی باغ راولاکوٹ نیلم حویلی سدھنوتی بھمبر
اشتہار 23
ضلع کونسل اعلان عام نیلامی ٹینڈر نوٹس منسوخی شناختی کارڈ گمشدگی سرٹیفکیٹ پاسپورٹ لائسنس رجسٹری زمین مکان دکان برائے فروخت کرایہ داری تنقیح عدالتی اشتہار طلبی اشتہار برائے ملازمت حکومت آزاد جموں و کشمیر محکمہ تعلیم کی جانب سے درخواستیں مطلوب ہیں خواہشمند امیدوار اپنی درخواستیں مقررہ تاریخ تک دفتر میں جمع کروائیں مزید معلومات کے لیے رابطہ کریں مظفرآباد میرپور کوٹلی باغ راولاکوٹ نیلم حویلی سدھنوتی بھمبر ضلع کونسل اعلان عام نیلامی ٹینڈر نوٹس منسوخی شناختی کارڈ گمشدگی سرٹیفکیٹ پاسپورٹ
اشتہار 24
لائسنس رجسٹری زمین مکان دکان برائے فروخت کرایہ داری تنقیح عدالتی اشتہار طلبی اشتہار برائے ملازمت حکومت آزاد جموں و کشمیر محکمہ تعلیم کی جانب سے درخواستیں مطلوب ہیں خواہشمند امیدوار اپنی درخواستیں مقررہ تاریخ تک دفتر میں جمع کروائیں مزید معلومات کے لیے رابطہ کریں مظفرآباد میرپور کوٹلی باغ راولاکوٹ نیلم حویلی سدھنوتی بھمبر ضلع کونسل اعلان عام نیلامی ٹینڈر نوٹس
اشتہار 25
منسوخی شناختی کارڈ گمشدگی سرٹیفکیٹ پاسپورٹ لائسنس رجسٹری زمین مکان دکان برائے فروخت کرایہ داری تنقیح عدالتی اشتہار طلبی اشتہار برائے ملازمت حکومت آزاد جموں و کشمیر محکمہ تعلیم کی جانب سے درخواستیں مطلوب ہیں خواہشمند امیدوار اپنی درخواستیں مقررہ تاریخ تک دفتر میں جمع کروائیں مزید معلومات کے لیے رابطہ کریں مظفرآباد میرپور کوٹلی باغ راولاکوٹ نیلم حویلی سدھنوتی بھمبر ضلع کونسل اعلان عام نیلامی ٹینڈر نوٹس منسوخی شناختی کارڈ گمشدگی سرٹیفکیٹ پاسپورٹ لائسنس رجسٹری زمین مکان دکان برائے فروخت کرایہ داری تنقیح عدالتی اشتہار طلبی اشتہار برائے ملازمت حکومت آزاد جموں و کشمیر محکمہ تعلیم کی جانب سے درخواستیں مطلوب ہیں خواہشمند امیدوار اپنی
اشتہار 26
درخواستیں مقررہ تاریخ تک دفتر میں جمع کروائیں مزید معلومات کے لیے رابطہ کریں مظفرآباد میرپور کوٹلی باغ راولاکوٹ نیلم حویلی سدھنوتی بھمبر ضلع کونسل اعلان عام نیلامی ٹینڈر نوٹس منسوخی شناختی کارڈ گمشدگی سرٹیفکیٹ پاسپورٹ لائسنس رجسٹری زمین مکان دکان برائے فروخت کرایہ داری تنقیح عدالتی اشتہار طلبی اشتہار برائے ملازمت حکومت آزاد جموں و کشمیر محکمہ تعلیم کی جانب سے درخواستیں مطلوب ہیں خواہشمند امیدوار اپنی درخواستیں مقررہ تاریخ تک دفتر میں جمع کروائیں مزید معلومات کے لیے رابطہ کریں مظفرآباد میرپور کوٹلی باغ راولاکوٹ
اشتہار 27
نیلم حویلی سدھنوتی بھمبر ضلع کونسل اعلان عام نیلامی ٹینڈر نوٹس منسوخی شناختی کارڈ گمشدگی سرٹیفکیٹ پاسپورٹ لائسنس رجسٹری زمین مکان دکان برائے فروخت کرایہ داری تنقیح عدالتی اشتہار طلبی اشتہار برائے ملازمت حکومت آزاد جموں و کشمیر محکمہ تعلیم کی جانب سے درخواستیں مطلوب ہیں خواہشمند امیدوار اپنی درخواستیں مقررہ تاریخ تک دفتر میں جمع کروائیں مزید معلومات کے لیے رابطہ کریں مظفرآباد میرپور کوٹلی
اشتہار 28
باغ راولاکوٹ نیلم حویلی سدھنوتی بھمبر ضلع کونسل اعلان عام نیلامی ٹینڈر نوٹس منسوخی شناختی کارڈ گمشدگی سرٹیفکیٹ پاسپورٹ لائسنس رجسٹری زمین مکان دکان برائے فروخت کرایہ داری تنقیح عدالتی اشتہار طلبی اشتہار برائے ملازمت حکومت آزاد جموں و کشمیر محکمہ تعلیم کی جانب سے درخواستیں مطلوب ہیں خواہشمند امیدوار اپنی درخواستیں مقررہ تاریخ تک دفتر میں جمع کروائیں مزید معلومات کے لیے رابطہ کریں مظفرآباد میرپور کوٹلی باغ راولاکوٹ نیلم حویلی سدھنوتی بھمبر ضلع کونسل اعلان عام نیلامی ٹینڈر نوٹس منسوخی شناختی کارڈ گمشدگی سرٹیفکیٹ پاسپورٹ لائسنس رجسٹری زمین مکان دکان برائے فروخت کرایہ داری تنقیح عدالتی اشتہار طلبی اشتہار برائے ملازمت حکومت آزاد جموں و کشمیر محکمہ تعلیم کی جانب
سے درخواستیں مطلوب ہیں خواہشمند امیدوار اپنی درخواستیں مقررہ تاریخ تک دفتر میں جمع کروائیں مزید معلومات کے لیے رابطہ کریں مظفرآباد میرپور کوٹلی باغ راولاکوٹ نیلم حویلی سدھنوتی بھمبر ضلع کونسل اعلان عام نیلامی ٹینڈر نوٹس منسوخی شناختی کارڈ گمشدگی سرٹیفکیٹ پاسپورٹ لائسنس رجسٹری زمین مکان دکان برائے فروخت کرایہ داری تنقیح عدالتی اشتہار طلبی اشتہار برائے ملازمت حکومت آزاد جموں و کشمیر محکمہ تعلیم کی جانب سے درخواستیں مطلوب ہیں خواہشمند امیدوار اپنی درخواستیں مقررہ تاریخ تک دفتر میں جمع کروائیں مزید معلومات کے لیے رابطہ کریں مظفرآباد میرپور کوٹلی باغ راولاکوٹ نیلم حویلی سدھنوتی بھمبر ضلع کونسل اعلان
اشتہار 10
عام نیلامی ٹینڈر نوٹس منسوخی شناختی کارڈ گمشدگی سرٹیفکیٹ پاسپورٹ لائسنس رجسٹری زمین مکان دکان برائے فروخت کرایہ داری تنقیح عدالتی اشتہار طلبی اشتہار برائے ملازمت حکومت آزاد جموں و کشمیر محکمہ تعلیم کی جانب سے درخواستیں مطلوب ہیں خواہشمند امیدوار اپنی درخواستیں مقررہ تاریخ تک دفتر میں جمع کروائیں مزید معلومات کے لیے رابطہ کریں مظفرآباد میرپور کوٹلی باغ راولاکوٹ نیلم حویلی سدھنوتی بھمبر ضلع کونسل اعلان عام نیلامی ٹینڈر نوٹس منسوخی شناختی کارڈ گمشدگی سرٹیفکیٹ پاسپورٹ لائسنس رجسٹری
اشتہار 11
زمین مکان دکان برائے فروخت کرایہ داری تنقیح عدالتی اشتہار طلبی اشتہار برائے ملازمت حکومت آزاد جموں و کشمیر محکمہ تعلیم کی جانب سے درخواستیں مطلوب ہیں خواہشمند امیدوار اپنی درخواستیں مقررہ تاریخ تک دفتر میں جمع کروائیں مزید معلومات کے لیے رابطہ کریں مظفرآباد میرپور کوٹلی باغ راولاکوٹ نیلم حویلی سدھنوتی بھمبر ضلع کونسل اعلان عام نیلامی ٹینڈر نوٹس منسوخی شناختی کارڈ گمشدگی سرٹیفکیٹ پاسپورٹ
اشتہار 12
لائسنس رجسٹری زمین مکان دکان برائے فروخت کرایہ داری تنقیح عدالتی اشتہار طلبی اشتہار برائے ملازمت حکومت آزاد جموں و کشمیر محکمہ تعلیم کی جانب سے درخواستیں مطلوب ہیں خواہشمند امیدوار اپنی درخواستیں مقررہ تاریخ تک دفتر میں جمع کروائیں مزید معلومات کے لیے رابطہ کریں مظفرآباد میرپور کوٹلی باغ راولاکوٹ نیلم حویلی سدھنوتی بھمبر ضلع کونسل اعلان عام نیلامی ٹینڈر نوٹس منسوخی شناختی کارڈ گمشدگی سرٹیفکیٹ پاسپورٹ لائسنس رجسٹری زمین مکان دکان برائے فروخت کرایہ داری تنقیح عدالتی اشتہار طلبی اشتہار برائے ملازمت حکومت آزاد جموں و کشمیر محکمہ تعلیم کی جانب سے درخواستیں مطلوب ہیں خواہشمند امیدوار اپنی درخواستیں مقررہ تاریخ تک دفتر میں جمع کروائیں
اشتہار 13
مزید معلومات کے لیے رابطہ کریں مظفرآباد میرپور کوٹلی باغ راولاکوٹ نیلم حویلی سدھنوتی بھمبر ضلع کونسل اعلان عام نیلامی ٹینڈر نوٹس منسوخی شناختی کارڈ گمشدگی سرٹیفکیٹ پاسپورٹ لائسنس رجسٹری زمین مکان دکان برائے فروخت کرایہ داری تنقیح عدالتی اشتہار طلبی اشتہار برائے ملازمت حکومت آزاد جموں و کشمیر محکمہ تعلیم کی جانب سے درخواستیں مطلوب ہیں خواہشمند امیدوار اپنی درخواستیں مقررہ تاریخ تک دفتر میں جمع کروائیں مزید معلومات کے لیے رابطہ کریں مظفرآباد میرپور کوٹلی باغ راولاکوٹ نیلم حویلی سدھنوتی بھمبر ضلع کونسل اعلان
اشتہار 14
عام نیلامی ٹینڈر نوٹس منسوخی شناختی کارڈ گمشدگی سرٹیفکیٹ پاسپورٹ لائسنس رجسٹری زمین مکان دکان برائے فروخت کرایہ داری تنقیح عدالتی اشتہار طلبی اشتہار برائے ملازمت حکومت آزاد جموں و کشمیر محکمہ تعلیم کی جانب سے درخواستیں مطلوب ہیں خواہشمند امیدوار اپنی درخواستیں مقررہ تاریخ تک دفتر میں جمع کروائیں مزید معلومات کے لیے رابطہ کریں مظفرآباد میرپور کوٹلی باغ راولاکوٹ نیلم حویلی سدھنوتی بھمبر ضلع کونسل اعلان عام نیلامی ٹینڈر
اشتہار 15
نوٹس منسوخی شناختی کارڈ گمشدگی سرٹیفکیٹ پاسپورٹ لائسنس رجسٹری زمین مکان دکان برائے فروخت کرایہ داری تنقیح عدالتی اشتہار طلبی اشتہار برائے ملازمت حکومت آزاد جموں و کشمیر محکمہ تعلیم کی جانب سے درخواستیں مطلوب ہیں خواہشمند امیدوار اپنی درخواستیں مقررہ تاریخ تک دفتر میں جمع کروائیں مزید
اشتہار 16
رابطہ کریں مظفرآباد میرپور کوٹلی باغ راولاکوٹ نیلم حویلی سدھنوتی بھمبر ضلع کونسل اعلان عام نیلامی ٹینڈر نوٹس منسوخی شناختی کارڈ گمشدگی سرٹیفکیٹ پاسپورٹ لائسنس رجسٹری زمین مکان دکان برائے فروخت کرایہ داری تنقیح عدالتی اشتہار طلبی اشتہار برائے ملازمت حکومت آزاد جموں و کشمیر محکمہ تعلیم کی جانب سے درخواستیں مطلوب ہیں خواہشمند امیدوار اپنی درخواستیں مقررہ تاریخ تک دفتر میں جمع کروائیں مزید معلومات کے لیے رابطہ کریں مظفرآباد میرپور کوٹلی باغ راولاکوٹ نیلم حویلی سدھنوتی بھمبر ضلع کونسل اعلان عام نیلامی ٹینڈر نوٹس منسوخی شناختی کارڈ گمشدگی سرٹیفکیٹ
اشتہار 17
پاسپورٹ لائسنس رجسٹری زمین مکان دکان برائے فروخت کرایہ داری تنقیح عدالتی اشتہار طلبی اشتہار برائے ملازمت حکومت آزاد جموں و کشمیر محکمہ تعلیم کی جانب سے درخواستیں مطلوب ہیں خواہشمند امیدوار اپنی درخواستیں مقررہ تاریخ تک دفتر میں جمع کروائیں مزید معلومات کے لیے رابطہ کریں مظفرآباد میرپور کوٹلی باغ راولاکوٹ نیلم حویلی سدھنوتی بھمبر ضلع کونسل اعلان عام نیلامی ٹینڈر نوٹس منسوخی شناختی کارڈ گمشدگی سرٹیفکیٹ پاسپورٹ لائسنس رجسٹری زمین مکان دکان برائے فروخت
اشتہار 18
کرایہ داری تنقیح عدالتی اشتہار طلبی اشتہار برائے ملازمت حکومت آزاد جموں و کشمیر محکمہ تعلیم کی جانب سے درخواستیں مطلوب ہیں خواہشمند امیدوار اپنی درخواستیں مقررہ تاریخ تک دفتر میں جمع کروائیں مزید معلومات کے لیے رابطہ کریں مظفرآباد میرپور کوٹلی باغ راولاکوٹ نیلم حویلی سدھنوتی بھمبر ضلع کونسل اعلان عام نیلامی ٹینڈر نوٹس منسوخی شناختی
اشتہار 19
کارڈ گمشدگی سرٹیفکیٹ پاسپورٹ لائسنس رجسٹری زمین مکان دکان برائے فروخت کرایہ داری تنقیح عدالتی اشتہار طلبی اشتہار برائے ملازمت حکومت آزاد جموں و کشمیر محکمہ تعلیم کی جانب سے درخواستیں مطلوب ہیں خواہشمند امیدوار اپنی درخواستیں مقررہ تاریخ تک دفتر میں جمع کروائیں مزید معلومات کے لیے رابطہ کریں مظفرآباد میرپور کوٹلی باغ راولاکوٹ نیلم حویلی سدھنوتی بھمبر ضلع کونسل اعلان عام نیلامی ٹینڈر نوٹس منسوخی شناختی کارڈ گمشدگی سرٹیفکیٹ پاسپورٹ لائسنس رجسٹری زمین مکان دکان برائے فروخت کرایہ داری تنقیح عدالتی اشتہار طلبی اشتہار برائے ملازمت حکومت آزاد جموں و کشمیر محکمہ تعلیم کی جانب سے درخواستیں مطلوب ہیں خواہشمند
امیدوار اپنی درخواستیں مقررہ تاریخ تک دفتر میں جمع کروائیں مزید معلومات کے لیے رابطہ کریں مظفرآباد میرپور کوٹلی باغ راولاکوٹ نیلم حویلی سدھنوتی بھمبر ضلع کونسل اعلان عام نیلامی ٹینڈر نوٹس منسوخی شناختی کارڈ گمشدگی سرٹیفکیٹ پاسپورٹ لائسنس رجسٹری زمین مکان دکان برائے فروخت کرایہ داری تنقیح عدالتی اشتہار طلبی اشتہار برائے ملازمت حکومت آزاد جموں و کشمیر محکمہ تعلیم کی جانب سے درخواستیں مطلوب
اشتہار 1
ہیں خواہشمند امیدوار اپنی درخواستیں مقررہ تاریخ تک دفتر میں جمع کروائیں مزید معلومات کے لیے رابطہ کریں مظفرآباد میرپور کوٹلی باغ راولاکوٹ نیلم حویلی سدھنوتی بھمبر ضلع کونسل اعلان عام نیلامی ٹینڈر نوٹس منسوخی شناختی کارڈ گمشدگی سرٹیفکیٹ پاسپورٹ لائسنس رجسٹری زمین مکان دکان برائے فروخت کرایہ داری تنقیح عدالتی اشتہار طلبی اشتہار برائے ملازمت حکومت آزاد جموں و کشمیر محکمہ تعلیم کی جانب سے درخواستیں مطلوب ہیں خواہشمند امیدوار اپنی درخواستیں مقررہ تاریخ تک دفتر میں جمع کروائیں مزید معلومات کے لیے رابطہ کریں مظفرآباد میرپور کوٹلی باغ راولاکوٹ نیلم حویلی سدھنوتی بھمبر ضلع کونسل اعلان عام نیلامی ٹینڈر نوٹس منسوخی شناختی کارڈ گمشدگی سرٹیفکیٹ پاسپورٹ لائسنس رجسٹری
اشتہار 2
زمین مکان دکان برائے فروخت کرایہ داری تنقیح عدالتی اشتہار طلبی اشتہار برائے ملازمت حکومت آزاد جموں و کشمیر محکمہ تعلیم کی جانب سے درخواستیں مطلوب ہیں خواہشمند امیدوار اپنی درخواستیں مقررہ تاریخ تک دفتر میں جمع کروائیں مزید معلومات کے لیے رابطہ کریں مظفرآباد میرپور کوٹلی باغ راولاکوٹ نیلم حویلی سدھنوتی بھمبر ضلع کونسل اعلان عام نیلامی ٹینڈر نوٹس منسوخی شناختی کارڈ گمشدگی سرٹیفکیٹ پاسپورٹ لائسنس رجسٹری زمین مکان دکان برائے فروخت کرایہ داری تنقیح عدالتی اشتہار طلبی اشتہار برائے ملازمت حکومت آزاد جموں و کشمیر محکمہ تعلیم کی جانب سے درخواستیں
اشتہار 3
مطلوب ہیں خواہشمند امیدوار اپنی درخواستیں مقررہ تاریخ تک دفتر میں جمع کروائیں مزید معلومات کے لیے رابطہ کریں مظفرآباد میرپور کوٹلی باغ راولاکوٹ نیلم حویلی سدھنوتی بھمبر ضلع کونسل اعلان عام نیلامی ٹینڈر نوٹس منسوخی شناختی کارڈ گمشدگی سرٹیفکیٹ پاسپورٹ لائسنس رجسٹری زمین مکان دکان برائے فروخت کرایہ داری تنقیح عدالتی اشتہار طلبی اشتہار برائے ملازمت حکومت آزاد جموں و کشمیر محکمہ تعلیم کی جانب سے درخواستیں مطلوب ہیں خواہشمند
اشتہار 4
امیدوار اپنی درخواستیں مقررہ تاریخ تک دفتر میں جمع کروائیں مزید معلومات کے لیے رابطہ کریں مظفرآباد میرپور کوٹلی باغ راولاکوٹ نیلم حویلی سدھنوتی بھمبر ضلع کونسل اعلان عام نیلامی ٹینڈر نوٹس منسوخی شناختی کارڈ گمشدگی سرٹیفکیٹ پاسپورٹ لائسنس رجسٹری زمین مکان دکان برائے فروخت کرایہ داری تنقیح عدالتی اشتہار طلبی اشتہار برائے ملازمت حکومت آزاد جموں و کشمیر محکمہ تعلیم کی جانب سے درخواستیں مطلوب ہیں خواہشمند امیدوار اپنی درخواستیں مقررہ تاریخ تک دفتر میں جمع کروائیں مزید معلومات کے لیے رابطہ کریں مظفرآباد میرپور کوٹلی باغ راولاکوٹ نیلم حویلی سدھنوتی بھمبر ضلع کونسل اعلان عام نیلامی ٹینڈر نوٹس منسوخی شناختی کارڈ گمشدگی سرٹیفکیٹ پاسپورٹ لائسنس رجسٹری زمین مکان دکان برائے فروخت کرایہ داری تنقیح
اشتہار 5
عدالتی اشتہار طلبی اشتہار برائے ملازمت حکومت آزاد جموں و کشمیر محکمہ تعلیم کی جانب سے درخواستیں مطلوب ہیں خواہشمند امیدوار اپنی درخواستیں مقررہ تاریخ تک دفتر میں جمع کروائیں مزید معلومات کے لیے رابطہ کریں مظفرآباد میرپور کوٹلی باغ راولاکوٹ نیلم حویلی سدھنوتی بھمبر ضلع کونسل اعلان عام نیلامی ٹینڈر نوٹس منسوخی شناختی کارڈ گمشدگی سرٹیفکیٹ پاسپورٹ لائسنس رجسٹری زمین مکان دکان برائے فروخت کرایہ داری تنقیح عدالتی اشتہار طلبی اشتہار برائے ملازمت حکومت آزاد جموں و کشمیر محکمہ تعلیم کی جانب سے درخواستیں مطلوب ہیں خواہشمند امیدوار اپنی درخواستیں مقررہ تاریخ تک دفتر میں جمع
اشتہار 6
کروائیں مزید معلومات کے لیے رابطہ کریں مظفرآباد میرپور کوٹلی باغ راولاکوٹ نیلم حویلی سدھنوتی بھمبر ضلع کونسل اعلان عام نیلامی ٹینڈر نوٹس منسوخی شناختی کارڈ گمشدگی سرٹیفکیٹ پاسپورٹ لائسنس رجسٹری زمین مکان دکان برائے فروخت کرایہ داری تنقیح عدالتی اشتہار طلبی اشتہار برائے ملازمت حکومت آزاد جموں و کشمیر محکمہ تعلیم کی جانب سے درخواستیں مطلوب ہیں خواہشمند امیدوار اپنی درخواستیں مقررہ تاریخ تک دفتر میں جمع کروائیں مزید معلومات کے لیے رابطہ کریں مظفرآباد میرپور کوٹلی باغ راولاکوٹ نیلم
اشتہار 7
حویلی سدھنوتی بھمبر ضلع کونسل اعلان عام نیلامی ٹینڈر نوٹس منسوخی شناختی کارڈ گمشدگی سرٹیفکیٹ پاسپورٹ لائسنس رجسٹری زمین مکان دکان برائے فروخت کرایہ داری تنقیح عدالتی اشتہار طلبی اشتہار برائے ملازمت حکومت آزاد جموں و کشمیر محکمہ تعلیم کی جانب سے درخواستیں مطلوب ہیں خواہشمند امیدوار اپنی درخواستیں مقررہ تاریخ تک دفتر میں جمع کروائیں مزید معلومات کے لیے
اشتہار 8
مظفرآباد میرپور کوٹلی باغ راولاکوٹ نیلم حویلی سدھنوتی بھمبر ضلع کونسل اعلان عام نیلامی ٹینڈر نوٹس منسوخی شناختی کارڈ گمشدگی سرٹیفکیٹ پاسپورٹ لائسنس رجسٹری زمین مکان دکان برائے فروخت کرایہ داری تنقیح عدالتی اشتہار طلبی اشتہار برائے ملازمت حکومت آزاد جموں و کشمیر محکمہ تعلیم کی جانب سے درخواستیں مطلوب ہیں خواہشمند امیدوار اپنی درخواستیں مقررہ تاریخ تک دفتر میں جمع کروائیں مزید معلومات کے لیے رابطہ کریں مظفرآباد میرپور کوٹلی باغ راولاکوٹ نیلم حویلی سدھنوتی بھمبر ضلع کونسل اعلان عام نیلامی ٹینڈر نوٹس منسوخی شناختی کارڈ گمشدگی سرٹیفکیٹ پاسپورٹ لائسنس رجسٹری زمین مکان دکان برائے فروخت کرایہ داری تنقیح عدالتی اشتہار طلبی اشتہار برائے
اشتہار 9
ملازمت حکومت آزاد جموں و کشمیر محکمہ تعلیم کی جانب سے درخواستیں مطلوب ہیں خواہشمند امیدوار اپنی درخواستیں مقررہ تاریخ تک دفتر میں جمع کروائیں مزید معلومات کے لیے رابطہ کریں مظفرآباد میرپور کوٹلی باغ راولاکوٹ نیلم حویلی سدھنوتی بھمبر ضلع کونسل اعلان عام نیلامی ٹینڈر نوٹس منسوخی شناختی کارڈ گمشدگی سرٹیفکیٹ پاسپورٹ لائسنس رجسٹری زمین مکان دکان برائے فروخت کرایہ داری تنقیح عدالتی اشتہار طلبی اشتہار برائے ملازمت حکومت آزاد جموں و کشمیر محکمہ تعلیم کی جانب سے درخواستیں مطلوب ہیں خواہشمند امیدوار اپنی درخواستیں
✱	✱	✱	✱	✱	✱	✱	✱	✱	✱	✱	✱	✱	✱	✱	✱
